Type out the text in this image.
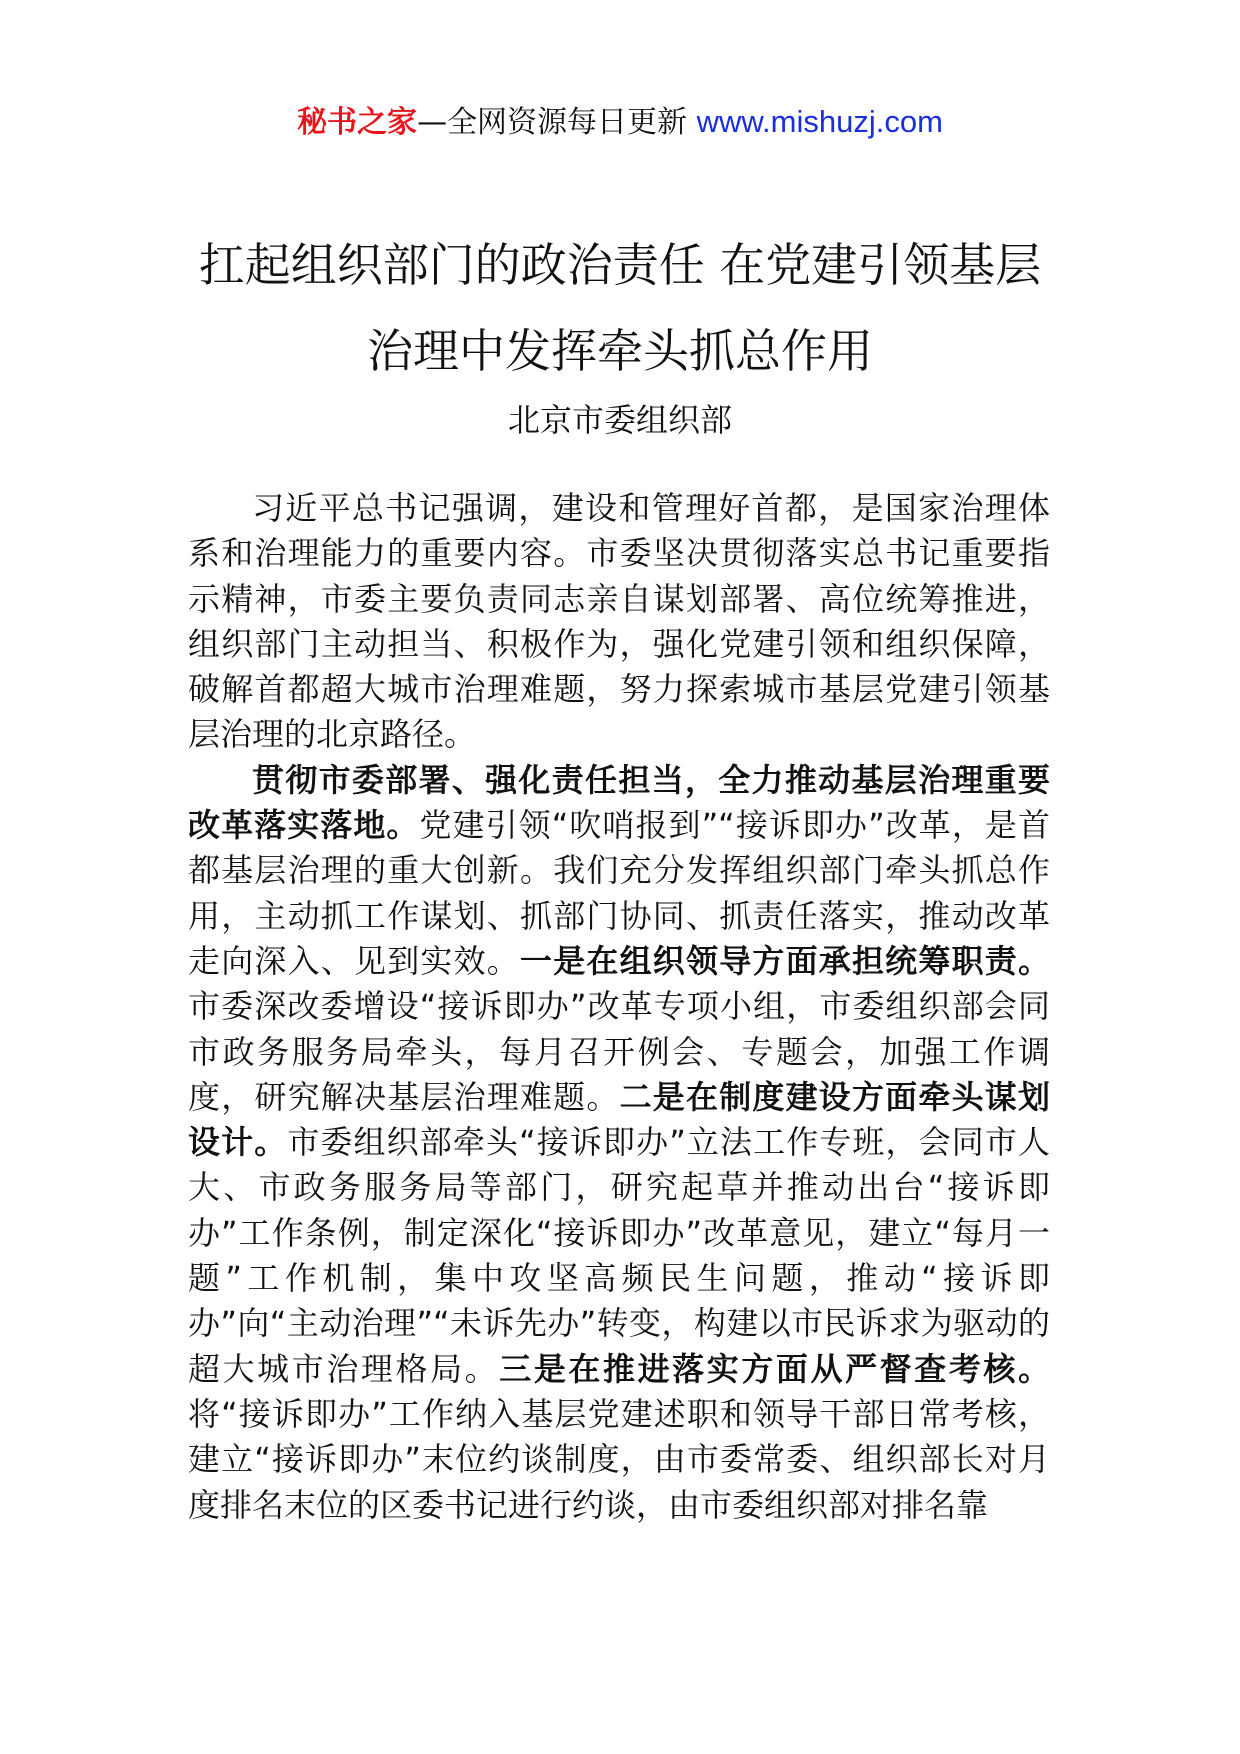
秘书之家—全网资源每日更新 www.mishuzj.com
扛起组织部门的政治责任 在党建引领基层治理中发挥牵头抓总作用
北京市委组织部

习近平总书记强调，建设和管理好首都，是国家治理体系和治理能力的重要内容。市委坚决贯彻落实总书记重要指示精神，市委主要负责同志亲自谋划部署、高位统筹推进，组织部门主动担当、积极作为，强化党建引领和组织保障，破解首都超大城市治理难题，努力探索城市基层党建引领基层治理的北京路径。

贯彻市委部署、强化责任担当，全力推动基层治理重要改革落实落地。党建引领“吹哨报到”“接诉即办”改革，是首都基层治理的重大创新。我们充分发挥组织部门牵头抓总作用，主动抓工作谋划、抓部门协同、抓责任落实，推动改革走向深入、见到实效。一是在组织领导方面承担统筹职责。市委深改委增设“接诉即办”改革专项小组，市委组织部会同市政务服务局牵头，每月召开例会、专题会，加强工作调度，研究解决基层治理难题。二是在制度建设方面牵头谋划设计。市委组织部牵头“接诉即办”立法工作专班，会同市人大、市政务服务局等部门，研究起草并推动出台“接诉即办”工作条例，制定深化“接诉即办”改革意见，建立“每月一题”工作机制，集中攻坚高频民生问题，推动“接诉即办”向“主动治理”“未诉先办”转变，构建以市民诉求为驱动的超大城市治理格局。三是在推进落实方面从严督查考核。将“接诉即办”工作纳入基层党建述职和领导干部日常考核，建立“接诉即办”末位约谈制度，由市委常委、组织部长对月度排名末位的区委书记进行约谈，由市委组织部对排名靠
